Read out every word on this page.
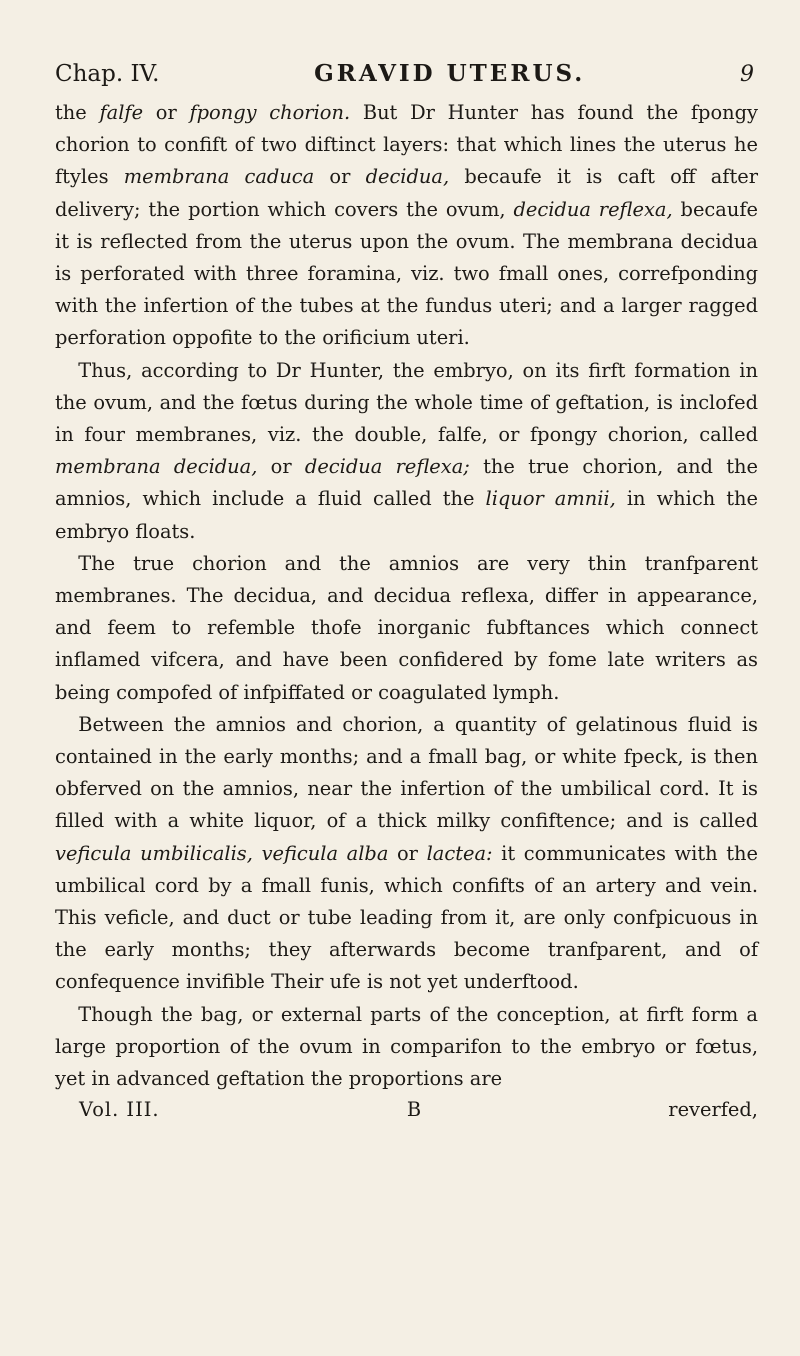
Chap. IV.	GRAVID UTERUS.	9

the falfe or fpongy chorion. But Dr Hunter has found the fpongy chorion to confift of two diftinct layers: that which lines the uterus he ftyles membrana caduca or decidua, becaufe it is caft off after delivery; the portion which covers the ovum, decidua reflexa, becaufe it is reflected from the uterus upon the ovum. The membrana decidua is perforated with three foramina, viz. two fmall ones, correfponding with the infertion of the tubes at the fundus uteri; and a larger ragged perforation oppofite to the orificium uteri.

Thus, according to Dr Hunter, the embryo, on its firft formation in the ovum, and the fœtus during the whole time of geftation, is inclofed in four membranes, viz. the double, falfe, or fpongy chorion, called membrana decidua, or decidua reflexa; the true chorion, and the amnios, which include a fluid called the liquor amnii, in which the embryo floats.

The true chorion and the amnios are very thin tranfparent membranes. The decidua, and decidua reflexa, differ in appearance, and feem to refemble thofe inorganic fubftances which connect inflamed vifcera, and have been confidered by fome late writers as being compofed of infpiffated or coagulated lymph.

Between the amnios and chorion, a quantity of gelatinous fluid is contained in the early months; and a fmall bag, or white fpeck, is then obferved on the amnios, near the infertion of the umbilical cord. It is filled with a white liquor, of a thick milky confiftence; and is called veficula umbilicalis, veficula alba or lactea: it communicates with the umbilical cord by a fmall funis, which confifts of an artery and vein. This veficle, and duct or tube leading from it, are only confpicuous in the early months; they afterwards become tranfparent, and of confequence invifible Their ufe is not yet underftood.

Though the bag, or external parts of the conception, at firft form a large proportion of the ovum in comparifon to the embryo or fœtus, yet in advanced geftation the proportions are

Vol. III.	B	reverfed,
